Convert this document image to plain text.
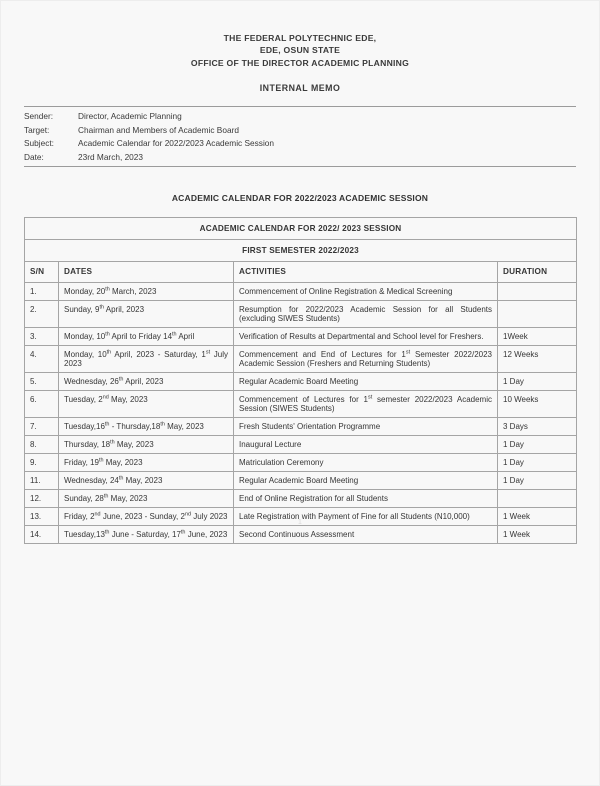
THE FEDERAL POLYTECHNIC EDE,
EDE, OSUN STATE
OFFICE OF THE DIRECTOR ACADEMIC PLANNING
INTERNAL MEMO
Sender:	Director, Academic Planning
Target:	Chairman and Members of Academic Board
Subject:	Academic Calendar for 2022/2023 Academic Session
Date:	23rd March, 2023
ACADEMIC CALENDAR FOR 2022/2023 ACADEMIC SESSION
ACADEMIC CALENDAR FOR 2022/ 2023 SESSION			
FIRST SEMESTER 2022/2023			
S/N	DATES	ACTIVITIES	DURATION
1.	Monday, 20th March, 2023	Commencement of Online Registration & Medical Screening	
2.	Sunday, 9th April, 2023	Resumption for 2022/2023 Academic Session for all Students (excluding SIWES Students)	
3.	Monday, 10th April to Friday 14th April	Verification of Results at Departmental and School level for Freshers.	1Week
4.	Monday, 10th April, 2023 - Saturday, 1st July 2023	Commencement and End of Lectures for 1st Semester 2022/2023 Academic Session (Freshers and Returning Students)	12 Weeks
5.	Wednesday, 26th April, 2023	Regular Academic Board Meeting	1 Day
6.	Tuesday, 2nd May, 2023	Commencement of Lectures for 1st semester 2022/2023 Academic Session (SIWES Students)	10 Weeks
7.	Tuesday,16th - Thursday,18th May, 2023	Fresh Students' Orientation Programme	3 Days
8.	Thursday, 18th May, 2023	Inaugural Lecture	1 Day
9.	Friday, 19th May, 2023	Matriculation Ceremony	1 Day
11.	Wednesday, 24th May, 2023	Regular Academic Board Meeting	1 Day
12.	Sunday, 28th May, 2023	End of Online Registration for all Students	
13.	Friday, 2nd June, 2023 - Sunday, 2nd July 2023	Late Registration with Payment of Fine for all Students (N10,000)	1 Week
14.	Tuesday,13th June - Saturday, 17th June, 2023	Second Continuous Assessment	1 Week
1
